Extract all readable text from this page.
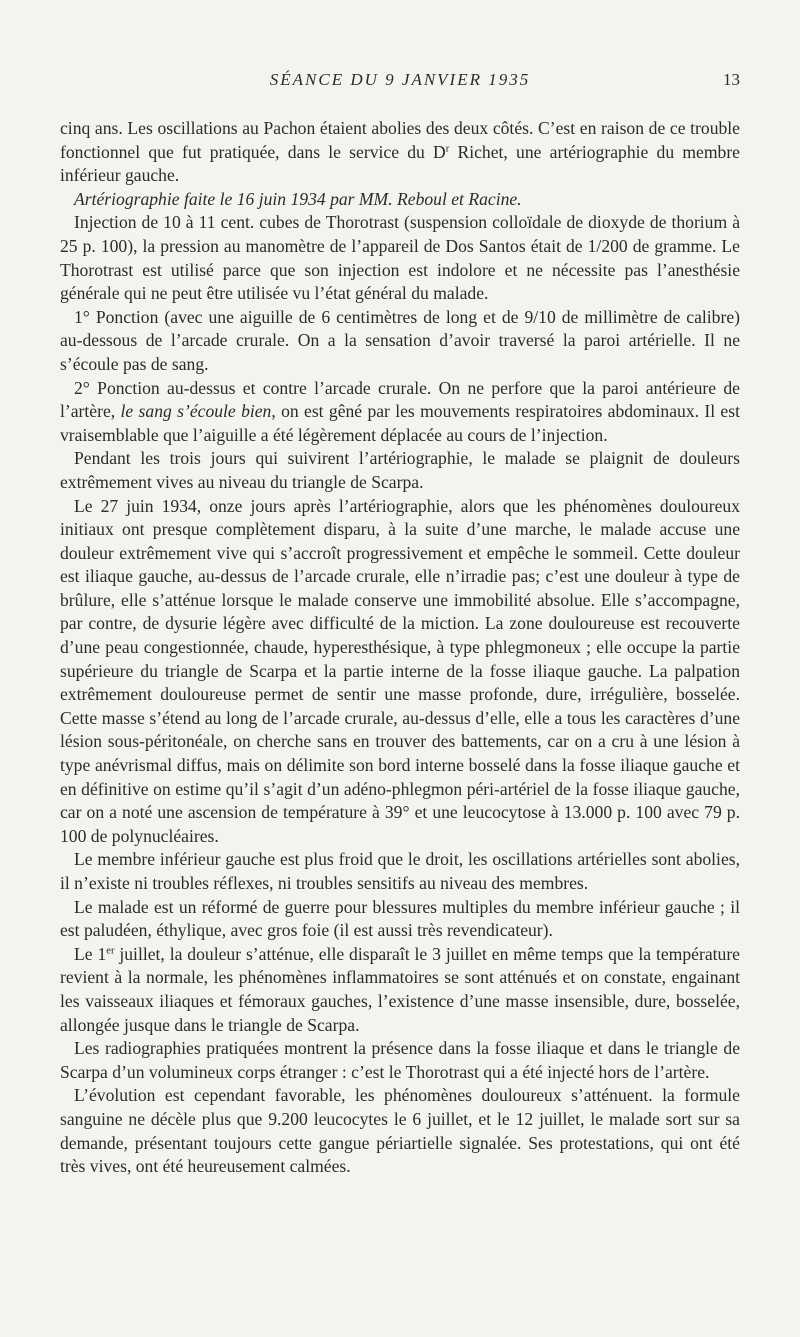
SÉANCE DU 9 JANVIER 1935	13

cinq ans. Les oscillations au Pachon étaient abolies des deux côtés. C’est en raison de ce trouble fonctionnel que fut pratiquée, dans le service du $D^r$ Richet, une artériographie du membre inférieur gauche.

Artériographie faite le 16 juin 1934 par MM. Reboul et Racine.

Injection de 10 à 11 cent. cubes de Thorotrast (suspension colloïdale de dioxyde de thorium à 25 p. 100), la pression au manomètre de l’appareil de Dos Santos était de 1/200 de gramme. Le Thorotrast est utilisé parce que son injection est indolore et ne nécessite pas l’anesthésie générale qui ne peut être utilisée vu l’état général du malade.

1° Ponction (avec une aiguille de 6 centimètres de long et de 9/10 de millimètre de calibre) au-dessous de l’arcade crurale. On a la sensation d’avoir traversé la paroi artérielle. Il ne s’écoule pas de sang.

2° Ponction au-dessus et contre l’arcade crurale. On ne perfore que la paroi antérieure de l’artère, le sang s’écoule bien, on est gêné par les mouvements respiratoires abdominaux. Il est vraisemblable que l’aiguille a été légèrement déplacée au cours de l’injection.

Pendant les trois jours qui suivirent l’artériographie, le malade se plaignit de douleurs extrêmement vives au niveau du triangle de Scarpa.

Le 27 juin 1934, onze jours après l’artériographie, alors que les phénomènes douloureux initiaux ont presque complètement disparu, à la suite d’une marche, le malade accuse une douleur extrêmement vive qui s’accroît progressivement et empêche le sommeil. Cette douleur est iliaque gauche, au-dessus de l’arcade crurale, elle n’irradie pas; c’est une douleur à type de brûlure, elle s’atténue lorsque le malade conserve une immobilité absolue. Elle s’accompagne, par contre, de dysurie légère avec difficulté de la miction. La zone douloureuse est recouverte d’une peau congestionnée, chaude, hyperesthésique, à type phlegmoneux ; elle occupe la partie supérieure du triangle de Scarpa et la partie interne de la fosse iliaque gauche. La palpation extrêmement douloureuse permet de sentir une masse profonde, dure, irrégulière, bosselée. Cette masse s’étend au long de l’arcade crurale, au-dessus d’elle, elle a tous les caractères d’une lésion sous-péritonéale, on cherche sans en trouver des battements, car on a cru à une lésion à type anévrismal diffus, mais on délimite son bord interne bosselé dans la fosse iliaque gauche et en définitive on estime qu’il s’agit d’un adéno-phlegmon péri-artériel de la fosse iliaque gauche, car on a noté une ascension de température à 39° et une leucocytose à 13.000 p. 100 avec 79 p. 100 de polynucléaires.

Le membre inférieur gauche est plus froid que le droit, les oscillations artérielles sont abolies, il n’existe ni troubles réflexes, ni troubles sensitifs au niveau des membres.

Le malade est un réformé de guerre pour blessures multiples du membre inférieur gauche ; il est paludéen, éthylique, avec gros foie (il est aussi très revendicateur).

Le 1er juillet, la douleur s’atténue, elle disparaît le 3 juillet en même temps que la température revient à la normale, les phénomènes inflammatoires se sont atténués et on constate, engainant les vaisseaux iliaques et fémoraux gauches, l’existence d’une masse insensible, dure, bosselée, allongée jusque dans le triangle de Scarpa.

Les radiographies pratiquées montrent la présence dans la fosse iliaque et dans le triangle de Scarpa d’un volumineux corps étranger : c’est le Thorotrast qui a été injecté hors de l’artère.

L’évolution est cependant favorable, les phénomènes douloureux s’atténuent. la formule sanguine ne décèle plus que 9.200 leucocytes le 6 juillet, et le 12 juillet, le malade sort sur sa demande, présentant toujours cette gangue périartielle signalée. Ses protestations, qui ont été très vives, ont été heureusement calmées.
